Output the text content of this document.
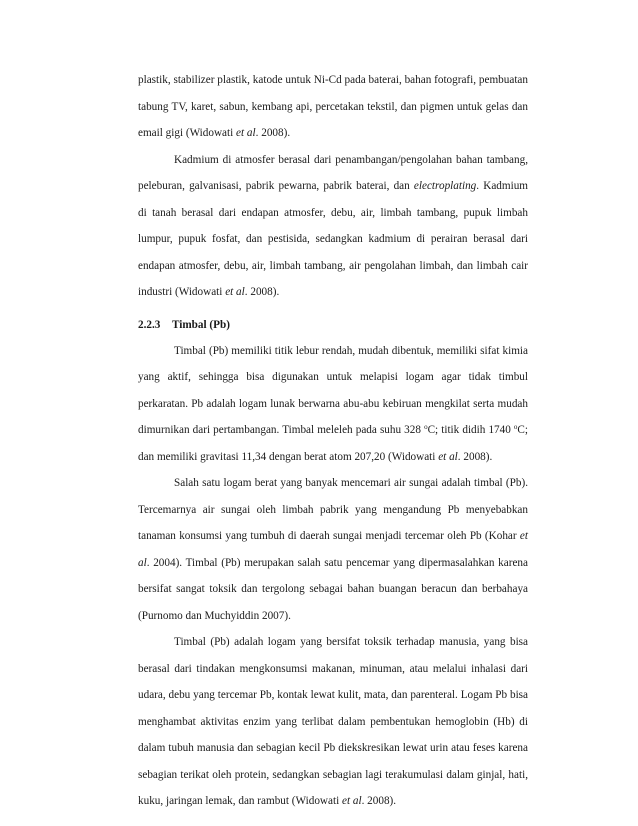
plastik, stabilizer plastik, katode untuk Ni-Cd pada baterai, bahan fotografi, pembuatan tabung TV, karet, sabun, kembang api, percetakan tekstil, dan pigmen untuk gelas dan email gigi (Widowati et al. 2008).

Kadmium di atmosfer berasal dari penambangan/pengolahan bahan tambang, peleburan, galvanisasi, pabrik pewarna, pabrik baterai, dan electroplating. Kadmium di tanah berasal dari endapan atmosfer, debu, air, limbah tambang, pupuk limbah lumpur, pupuk fosfat, dan pestisida, sedangkan kadmium di perairan berasal dari endapan atmosfer, debu, air, limbah tambang, air pengolahan limbah, dan limbah cair industri (Widowati et al. 2008).

2.2.3 Timbal (Pb)

Timbal (Pb) memiliki titik lebur rendah, mudah dibentuk, memiliki sifat kimia yang aktif, sehingga bisa digunakan untuk melapisi logam agar tidak timbul perkaratan. Pb adalah logam lunak berwarna abu-abu kebiruan mengkilat serta mudah dimurnikan dari pertambangan. Timbal meleleh pada suhu 328 $^o$C; titik didih 1740 $^o$C; dan memiliki gravitasi 11,34 dengan berat atom 207,20 (Widowati et al. 2008).

Salah satu logam berat yang banyak mencemari air sungai adalah timbal (Pb). Tercemarnya air sungai oleh limbah pabrik yang mengandung Pb menyebabkan tanaman konsumsi yang tumbuh di daerah sungai menjadi tercemar oleh Pb (Kohar et al. 2004). Timbal (Pb) merupakan salah satu pencemar yang dipermasalahkan karena bersifat sangat toksik dan tergolong sebagai bahan buangan beracun dan berbahaya (Purnomo dan Muchyiddin 2007).

Timbal (Pb) adalah logam yang bersifat toksik terhadap manusia, yang bisa berasal dari tindakan mengkonsumsi makanan, minuman, atau melalui inhalasi dari udara, debu yang tercemar Pb, kontak lewat kulit, mata, dan parenteral. Logam Pb bisa menghambat aktivitas enzim yang terlibat dalam pembentukan hemoglobin (Hb) di dalam tubuh manusia dan sebagian kecil Pb diekskresikan lewat urin atau feses karena sebagian terikat oleh protein, sedangkan sebagian lagi terakumulasi dalam ginjal, hati, kuku, jaringan lemak, dan rambut (Widowati et al. 2008).
